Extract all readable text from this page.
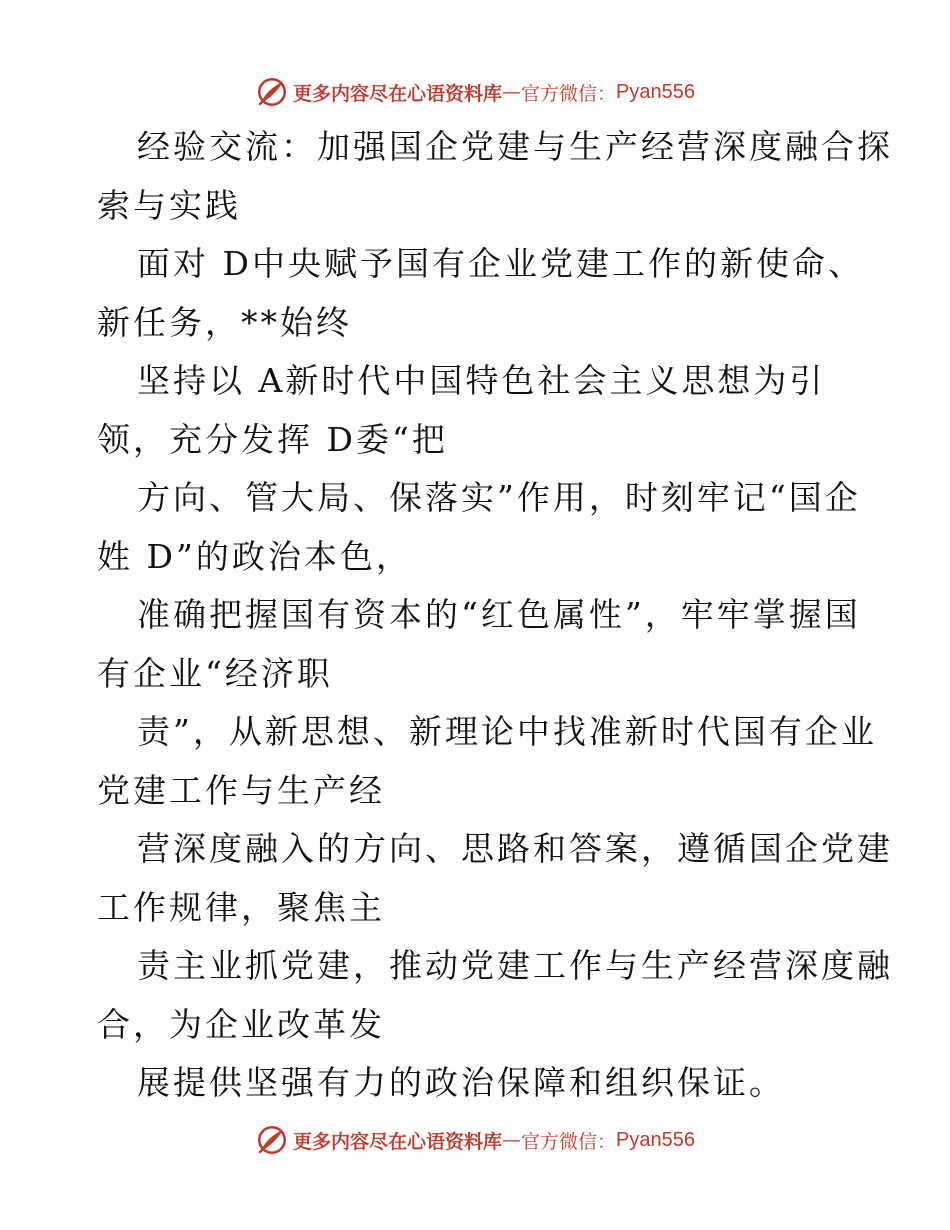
更多内容尽在心语资料库 — 官方微信： Pyan556
经验交流：加强国企党建与生产经营深度融合探
索与实践
面对 D中央赋予国有企业党建工作的新使命、
新任务，**始终
坚持以 A新时代中国特色社会主义思想为引
领，充分发挥 D委“把
方向、管大局、保落实”作用，时刻牢记“国企
姓 D”的政治本色，
准确把握国有资本的“红色属性”，牢牢掌握国
有企业“经济职
责”，从新思想、新理论中找准新时代国有企业
党建工作与生产经
营深度融入的方向、思路和答案，遵循国企党建
工作规律，聚焦主
责主业抓党建，推动党建工作与生产经营深度融
合，为企业改革发
展提供坚强有力的政治保障和组织保证。
更多内容尽在心语资料库 — 官方微信： Pyan556
